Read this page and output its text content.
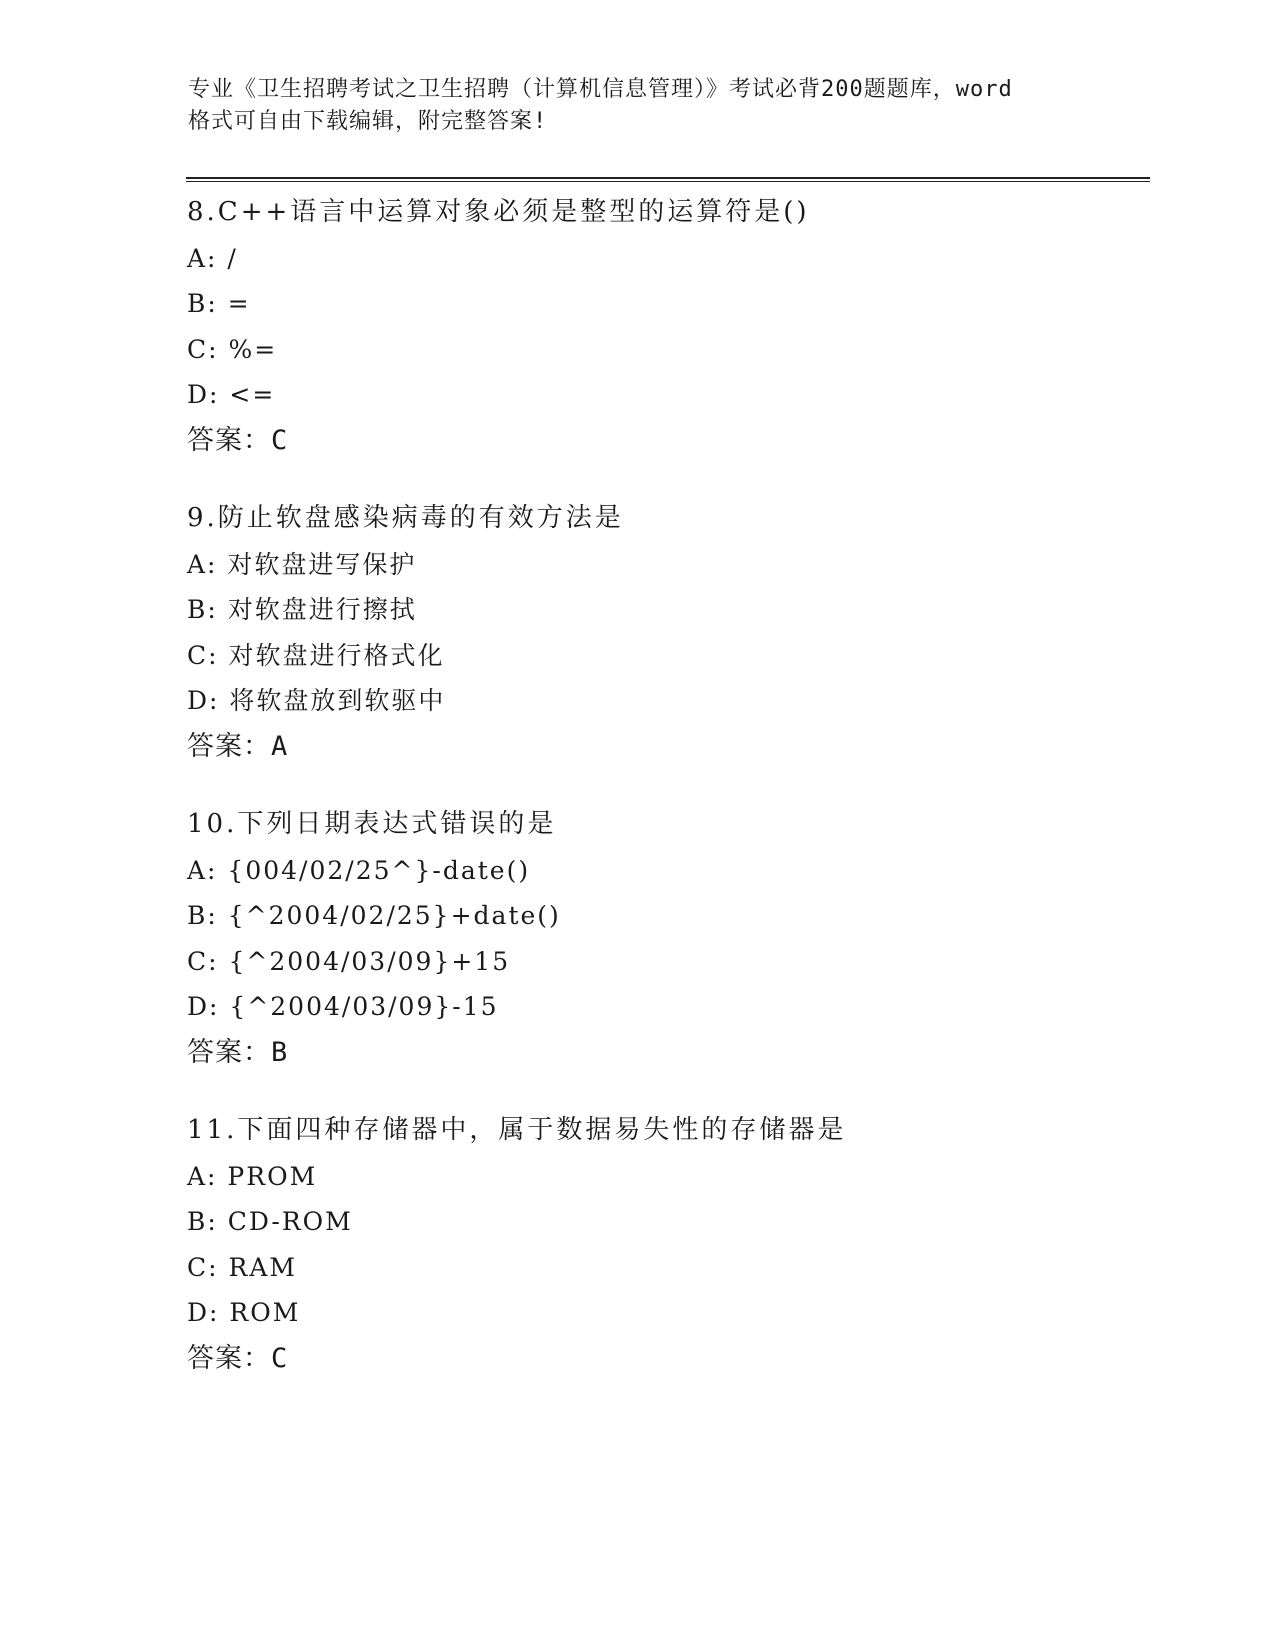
专业《卫生招聘考试之卫生招聘（计算机信息管理）》考试必背200题题库，word
格式可自由下载编辑，附完整答案!
8.C++语言中运算对象必须是整型的运算符是()
A: /
B: =
C: %=
D: <=
答案：C
9.防止软盘感染病毒的有效方法是
A: 对软盘进写保护
B: 对软盘进行擦拭
C: 对软盘进行格式化
D: 将软盘放到软驱中
答案：A
10.下列日期表达式错误的是
A: {004/02/25^}-date()
B: {^2004/02/25}+date()
C: {^2004/03/09}+15
D: {^2004/03/09}-15
答案：B
11.下面四种存储器中，属于数据易失性的存储器是
A: PROM
B: CD-ROM
C: RAM
D: ROM
答案：C
